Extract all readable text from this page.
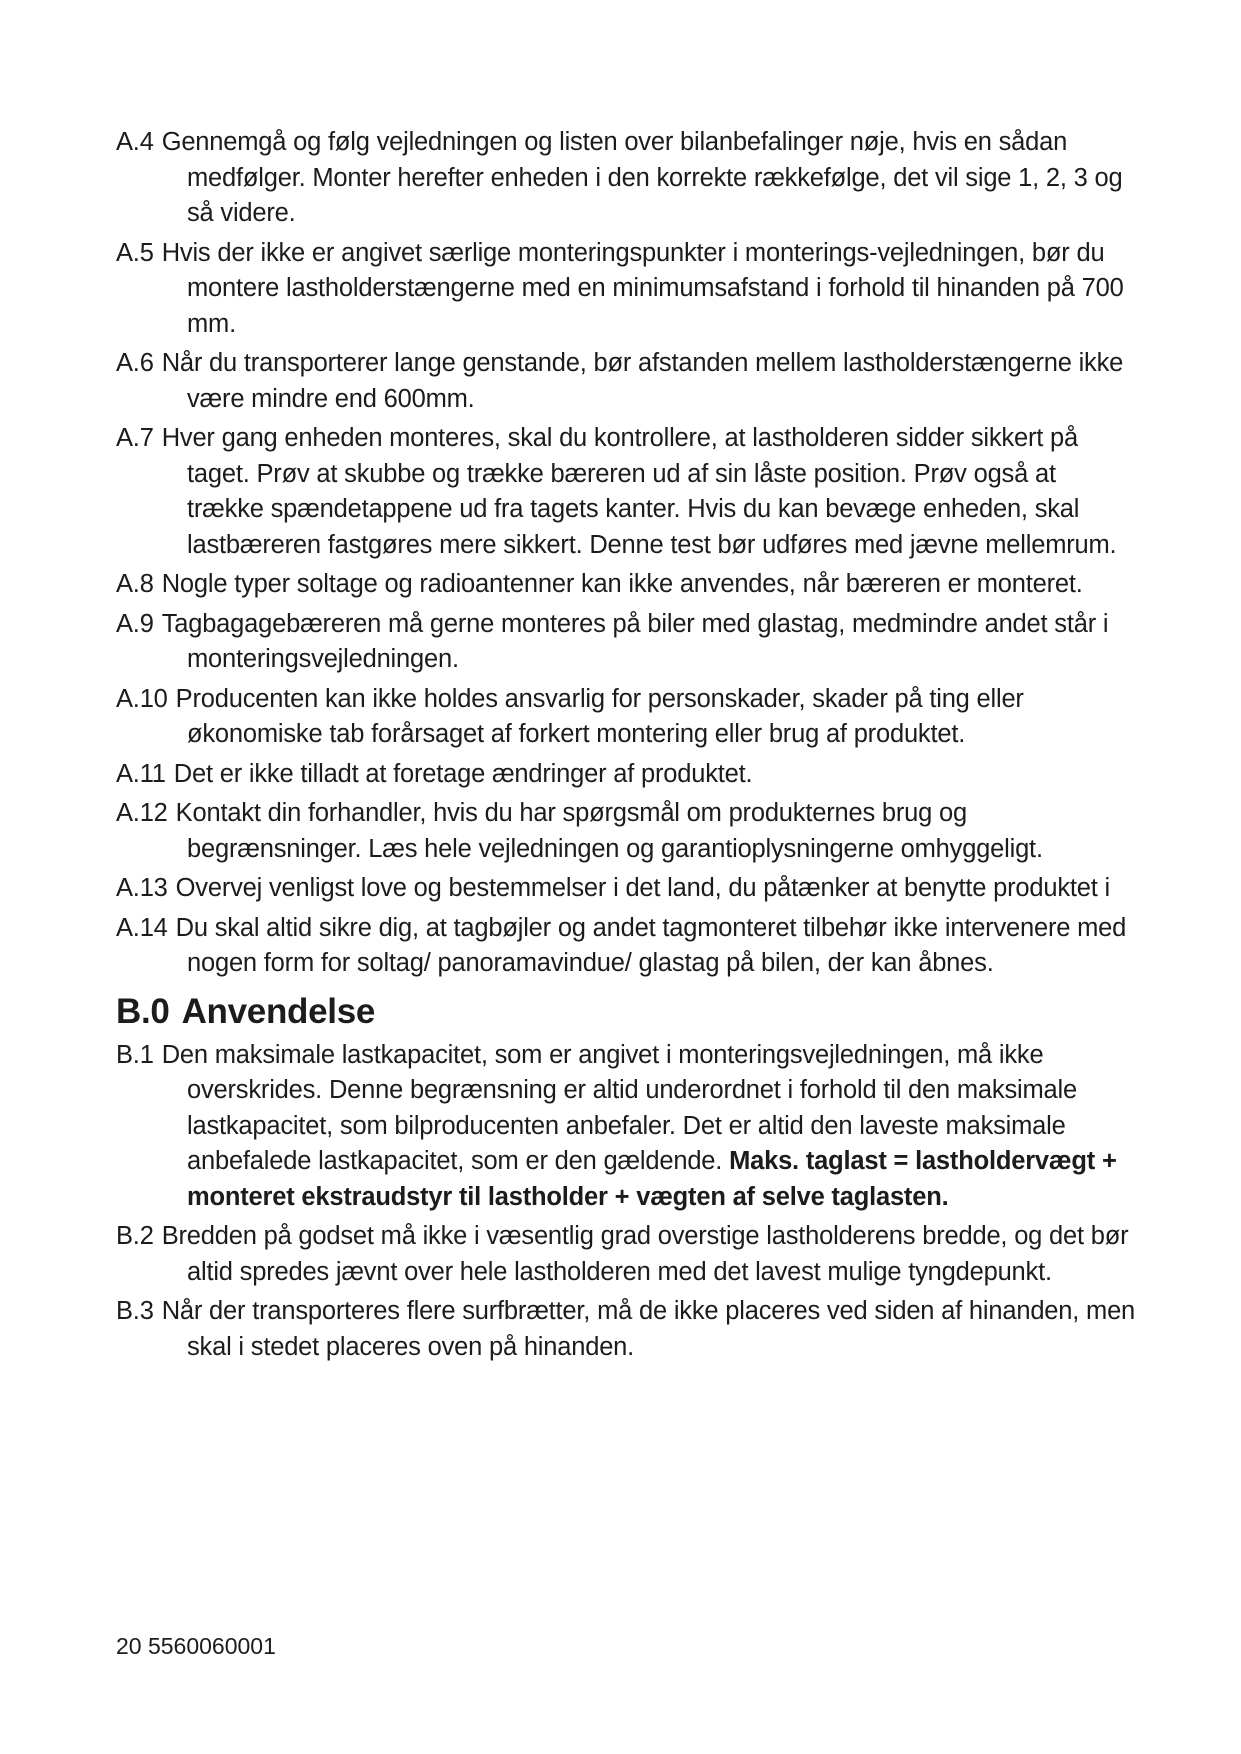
A.4 Gennemgå og følg vejledningen og listen over bilanbefalinger nøje, hvis en sådan medfølger. Monter herefter enheden i den korrekte rækkefølge, det vil sige 1, 2, 3 og så videre.
A.5 Hvis der ikke er angivet særlige monteringspunkter i monterings-vejledningen, bør du montere lastholderstængerne med en minimumsafstand i forhold til hinanden på 700 mm.
A.6 Når du transporterer lange genstande, bør afstanden mellem lastholderstængerne ikke være mindre end 600mm.
A.7 Hver gang enheden monteres, skal du kontrollere, at lastholderen sidder sikkert på taget. Prøv at skubbe og trække bæreren ud af sin låste position. Prøv også at trække spændetappene ud fra tagets kanter. Hvis du kan bevæge enheden, skal lastbæreren fastgøres mere sikkert. Denne test bør udføres med jævne mellemrum.
A.8 Nogle typer soltage og radioantenner kan ikke anvendes, når bæreren er monteret.
A.9 Tagbagagebæreren må gerne monteres på biler med glastag, medmindre andet står i monteringsvejledningen.
A.10 Producenten kan ikke holdes ansvarlig for personskader, skader på ting eller økonomiske tab forårsaget af forkert montering eller brug af produktet.
A.11 Det er ikke tilladt at foretage ændringer af produktet.
A.12 Kontakt din forhandler, hvis du har spørgsmål om produkternes brug og begrænsninger. Læs hele vejledningen og garantioplysningerne omhyggeligt.
A.13 Overvej venligst love og bestemmelser i det land, du påtænker at benytte produktet i
A.14 Du skal altid sikre dig, at tagbøjler og andet tagmonteret tilbehør ikke intervenere med nogen form for soltag/ panoramavindue/ glastag på bilen, der kan åbnes.
B.0 Anvendelse
B.1 Den maksimale lastkapacitet, som er angivet i monteringsvejledningen, må ikke overskrides. Denne begrænsning er altid underordnet i forhold til den maksimale lastkapacitet, som bilproducenten anbefaler. Det er altid den laveste maksimale anbefalede lastkapacitet, som er den gældende. Maks. taglast = lastholdervægt + monteret ekstraudstyr til lastholder + vægten af selve taglasten.
B.2 Bredden på godset må ikke i væsentlig grad overstige lastholderens bredde, og det bør altid spredes jævnt over hele lastholderen med det lavest mulige tyngdepunkt.
B.3 Når der transporteres flere surfbrætter, må de ikke placeres ved siden af hinanden, men skal i stedet placeres oven på hinanden.
20 5560060001
